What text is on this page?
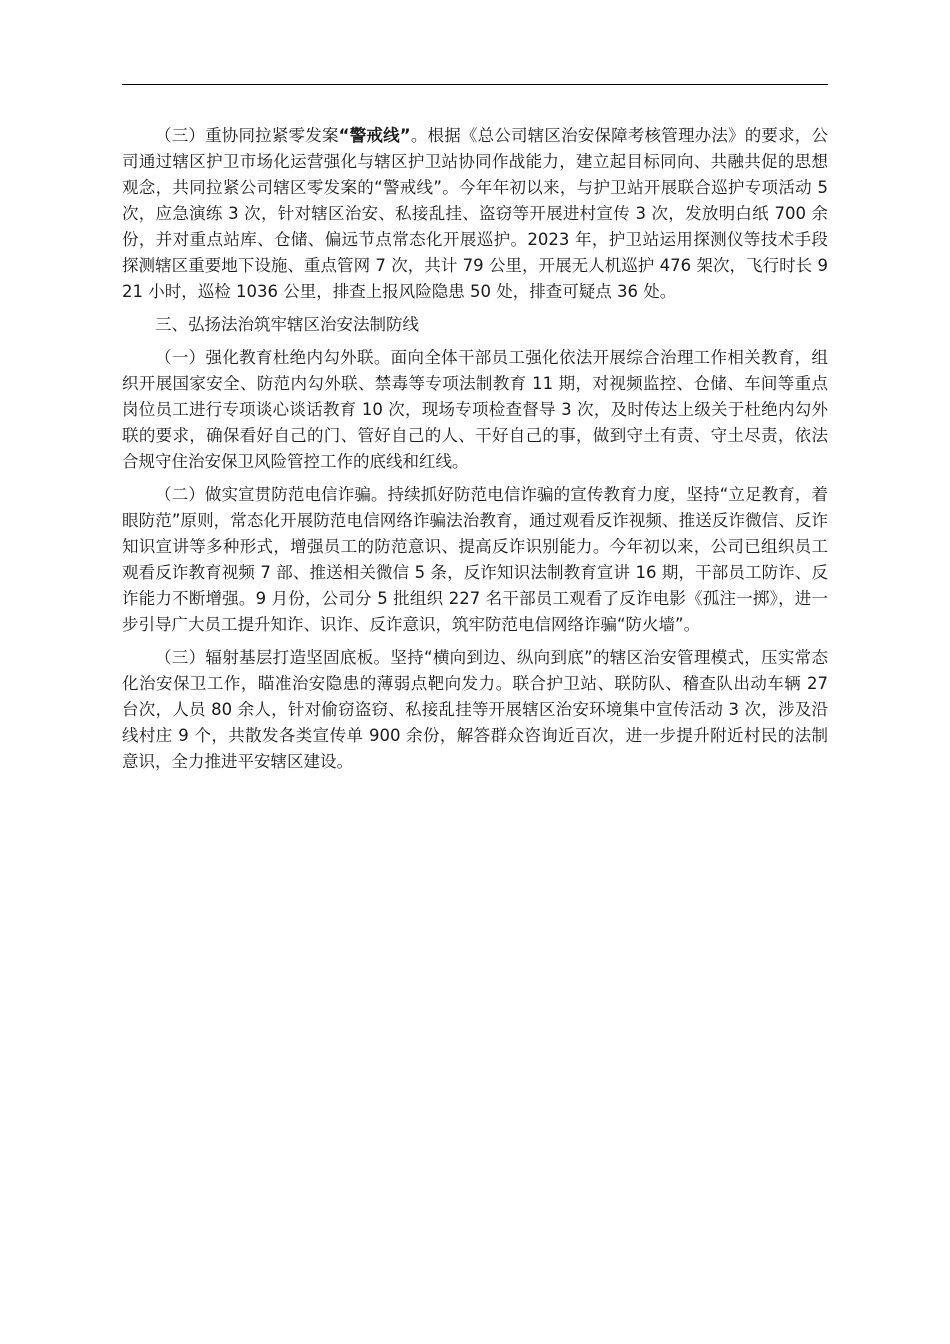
（三）重协同拉紧零发案“警戒线”。根据《总公司辖区治安保障考核管理办法》的要求，公司通过辖区护卫市场化运营强化与辖区护卫站协同作战能力，建立起目标同向、共融共促的思想观念，共同拉紧公司辖区零发案的“警戒线”。今年年初以来，与护卫站开展联合巡护专项活动 5 次，应急演练 3 次，针对辖区治安、私接乱挂、盗窃等开展进村宣传 3 次，发放明白纸 700 余份，并对重点站库、仓储、偏远节点常态化开展巡护。2023 年，护卫站运用探测仪等技术手段探测辖区重要地下设施、重点管网 7 次，共计 79 公里，开展无人机巡护 476 架次，飞行时长 921 小时，巡检 1036 公里，排查上报风险隐患 50 处，排查可疑点 36 处。

三、弘扬法治筑牢辖区治安法制防线

（一）强化教育杜绝内勾外联。面向全体干部员工强化依法开展综合治理工作相关教育，组织开展国家安全、防范内勾外联、禁毒等专项法制教育 11 期，对视频监控、仓储、车间等重点岗位员工进行专项谈心谈话教育 10 次，现场专项检查督导 3 次，及时传达上级关于杜绝内勾外联的要求，确保看好自己的门、管好自己的人、干好自己的事，做到守土有责、守土尽责，依法合规守住治安保卫风险管控工作的底线和红线。

（二）做实宣贯防范电信诈骗。持续抓好防范电信诈骗的宣传教育力度，坚持“立足教育，着眼防范”原则，常态化开展防范电信网络诈骗法治教育，通过观看反诈视频、推送反诈微信、反诈知识宣讲等多种形式，增强员工的防范意识、提高反诈识别能力。今年初以来，公司已组织员工观看反诈教育视频 7 部、推送相关微信 5 条，反诈知识法制教育宣讲 16 期，干部员工防诈、反诈能力不断增强。9 月份，公司分 5 批组织 227 名干部员工观看了反诈电影《孤注一掷》，进一步引导广大员工提升知诈、识诈、反诈意识，筑牢防范电信网络诈骗“防火墙”。

（三）辐射基层打造坚固底板。坚持“横向到边、纵向到底”的辖区治安管理模式，压实常态化治安保卫工作，瞄准治安隐患的薄弱点靶向发力。联合护卫站、联防队、稽查队出动车辆 27 台次，人员 80 余人，针对偷窃盗窃、私接乱挂等开展辖区治安环境集中宣传活动 3 次，涉及沿线村庄 9 个，共散发各类宣传单 900 余份，解答群众咨询近百次，进一步提升附近村民的法制意识，全力推进平安辖区建设。
